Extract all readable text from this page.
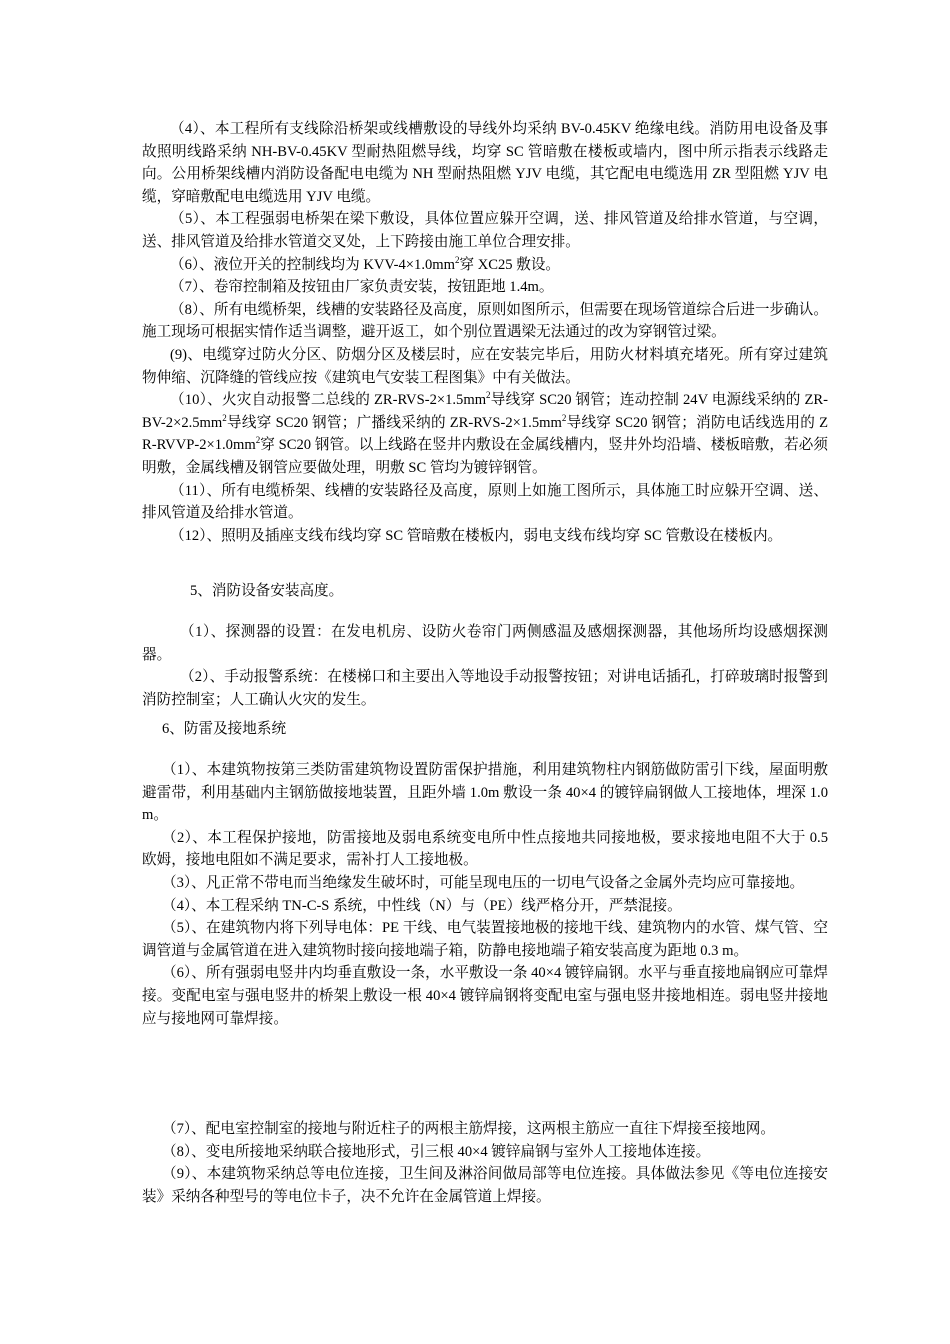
（4）、本工程所有支线除沿桥架或线槽敷设的导线外均采纳 BV-0.45KV 绝缘电线。消防用电设备及事故照明线路采纳 NH-BV-0.45KV 型耐热阻燃导线，均穿 SC 管暗敷在楼板或墙内，图中所示指表示线路走向。公用桥架线槽内消防设备配电电缆为 NH 型耐热阻燃 YJV 电缆，其它配电电缆选用 ZR 型阻燃 YJV 电缆，穿暗敷配电电缆选用 YJV 电缆。

（5）、本工程强弱电桥架在梁下敷设，具体位置应躲开空调，送、排风管道及给排水管道，与空调，送、排风管道及给排水管道交叉处，上下跨接由施工单位合理安排。

（6）、液位开关的控制线均为 KVV-$4\times 1.0mm^2$穿 XC25 敷设。

（7）、卷帘控制箱及按钮由厂家负责安装，按钮距地 1.4m。

（8）、所有电缆桥架，线槽的安装路径及高度，原则如图所示，但需要在现场管道综合后进一步确认。施工现场可根据实情作适当调整，避开返工，如个别位置遇梁无法通过的改为穿钢管过梁。

(9)、电缆穿过防火分区、防烟分区及楼层时，应在安装完毕后，用防火材料填充堵死。所有穿过建筑物伸缩、沉降缝的管线应按《建筑电气安装工程图集》中有关做法。

（10）、火灾自动报警二总线的 $ZR-RVS-2\times 1.5mm^2$导线穿 SC20 钢管；连动控制 24V 电源线采纳的 $ZR-BV-2\times 2.5mm^2$导线穿 SC20 钢管；广播线采纳的 $ZR-RVS-2\times 1.5mm^2$导线穿 SC20 钢管；消防电话线选用的 $ZR-RVVP-2\times 1.0mm^2$穿 SC20 钢管。以上线路在竖井内敷设在金属线槽内，竖井外均沿墙、楼板暗敷，若必须明敷，金属线槽及钢管应要做处理，明敷 SC 管均为镀锌钢管。

（11）、所有电缆桥架、线槽的安装路径及高度，原则上如施工图所示，具体施工时应躲开空调、送、排风管道及给排水管道。

（12）、照明及插座支线布线均穿 SC 管暗敷在楼板内，弱电支线布线均穿 SC 管敷设在楼板内。

5、消防设备安装高度。

（1）、探测器的设置：在发电机房、设防火卷帘门两侧感温及感烟探测器，其他场所均设感烟探测器。

（2）、手动报警系统：在楼梯口和主要出入等地设手动报警按钮；对讲电话插孔，打碎玻璃时报警到消防控制室；人工确认火灾的发生。

6、防雷及接地系统

（1）、本建筑物按第三类防雷建筑物设置防雷保护措施，利用建筑物柱内钢筋做防雷引下线，屋面明敷避雷带，利用基础内主钢筋做接地装置，且距外墙 1.0m 敷设一条 40×4 的镀锌扁钢做人工接地体，埋深 1.0m。

（2）、本工程保护接地，防雷接地及弱电系统变电所中性点接地共同接地极，要求接地电阻不大于 0.5 欧姆，接地电阻如不满足要求，需补打人工接地极。

（3）、凡正常不带电而当绝缘发生破坏时，可能呈现电压的一切电气设备之金属外壳均应可靠接地。

（4）、本工程采纳 TN-C-S 系统，中性线（N）与（PE）线严格分开，严禁混接。

（5）、在建筑物内将下列导电体：PE 干线、电气装置接地极的接地干线、建筑物内的水管、煤气管、空调管道与金属管道在进入建筑物时接向接地端子箱，防静电接地端子箱安装高度为距地 0.3 m。

（6）、所有强弱电竖井内均垂直敷设一条，水平敷设一条 40×4 镀锌扁钢。水平与垂直接地扁钢应可靠焊接。变配电室与强电竖井的桥架上敷设一根 40×4 镀锌扁钢将变配电室与强电竖井接地相连。弱电竖井接地应与接地网可靠焊接。

（7）、配电室控制室的接地与附近柱子的两根主筋焊接，这两根主筋应一直往下焊接至接地网。

（8）、变电所接地采纳联合接地形式，引三根 40×4 镀锌扁钢与室外人工接地体连接。

（9）、本建筑物采纳总等电位连接，卫生间及淋浴间做局部等电位连接。具体做法参见《等电位连接安装》采纳各种型号的等电位卡子，决不允许在金属管道上焊接。
